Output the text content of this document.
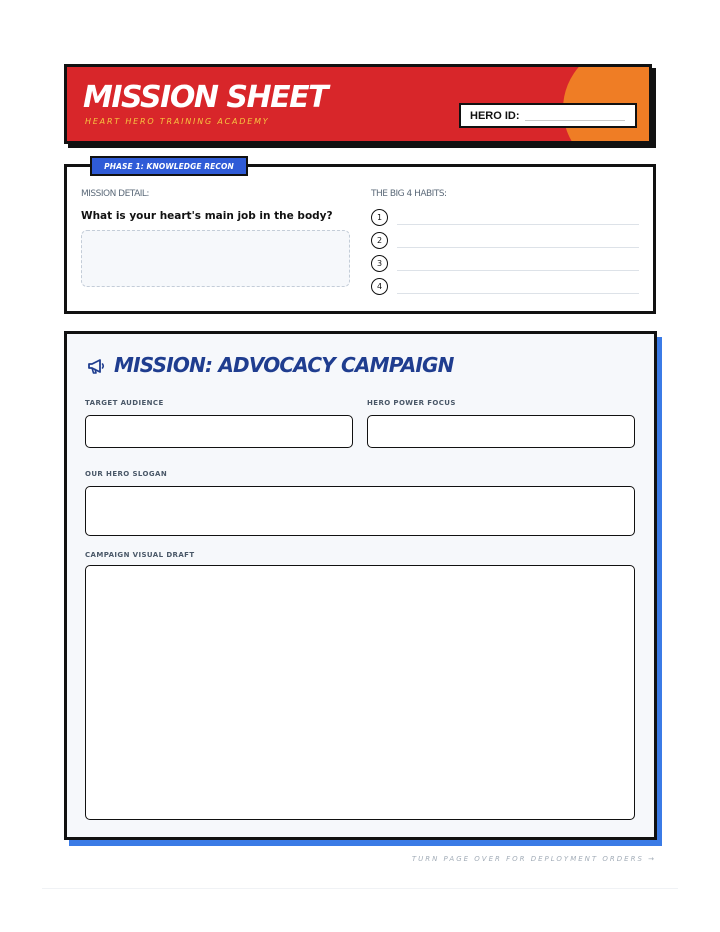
MISSION SHEET
HEART HERO TRAINING ACADEMY	HERO ID:
PHASE 1: KNOWLEDGE RECON
MISSION DETAIL:
What is your heart's main job in the body?
THE BIG 4 HABITS:
1
2
3
4
MISSION: ADVOCACY CAMPAIGN
TARGET AUDIENCE	HERO POWER FOCUS
OUR HERO SLOGAN
CAMPAIGN VISUAL DRAFT
TURN PAGE OVER FOR DEPLOYMENT ORDERS →
